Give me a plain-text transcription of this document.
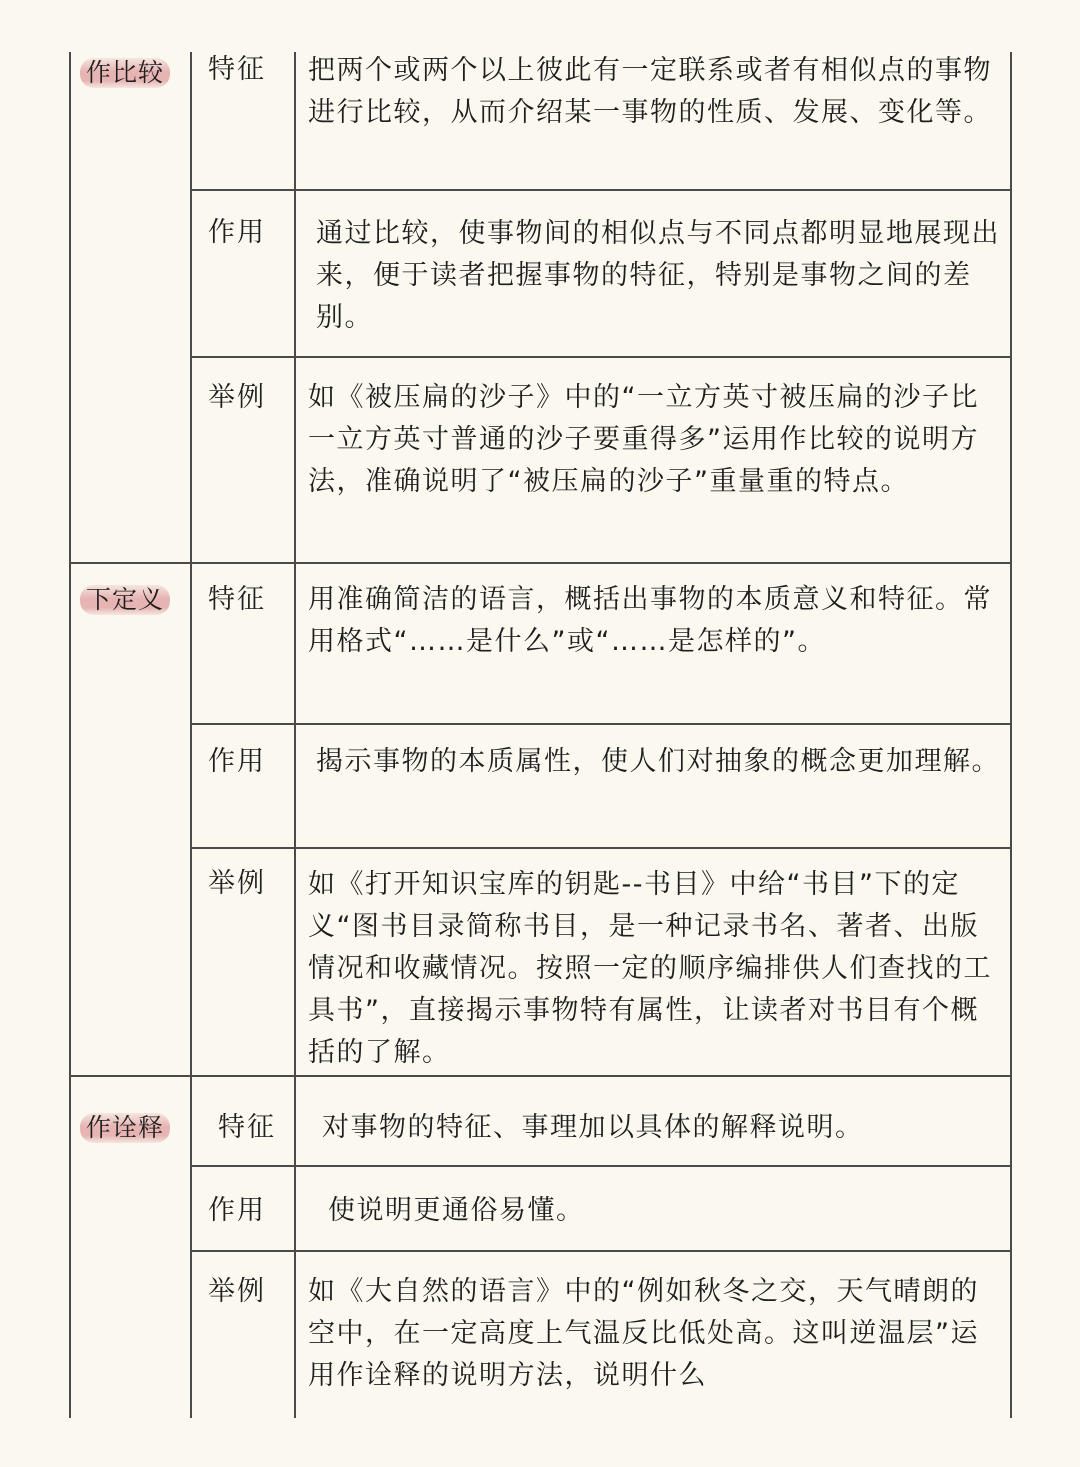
作比较 特征	把两个或两个以上彼此有一定联系或者有相似点的事物进行比较，从而介绍某一事物的性质、发展、变化等。
作用	通过比较，使事物间的相似点与不同点都明显地展现出来，便于读者把握事物的特征，特别是事物之间的差别。
举例	如《被压扁的沙子》中的“一立方英寸被压扁的沙子比一立方英寸普通的沙子要重得多”运用作比较的说明方法，准确说明了“被压扁的沙子”重量重的特点。
下定义 特征	用准确简洁的语言，概括出事物的本质意义和特征。常用格式“……是什么”或“……是怎样的”。
作用	揭示事物的本质属性，使人们对抽象的概念更加理解。
举例	如《打开知识宝库的钥匙--书目》中给“书目”下的定义“图书目录简称书目，是一种记录书名、著者、出版情况和收藏情况。按照一定的顺序编排供人们查找的工具书”，直接揭示事物特有属性，让读者对书目有个概括的了解。
作诠释 特征	对事物的特征、事理加以具体的解释说明。
作用	使说明更通俗易懂。
举例	如《大自然的语言》中的“例如秋冬之交，天气晴朗的空中，在一定高度上气温反比低处高。这叫逆温层”运用作诠释的说明方法，说明什么
